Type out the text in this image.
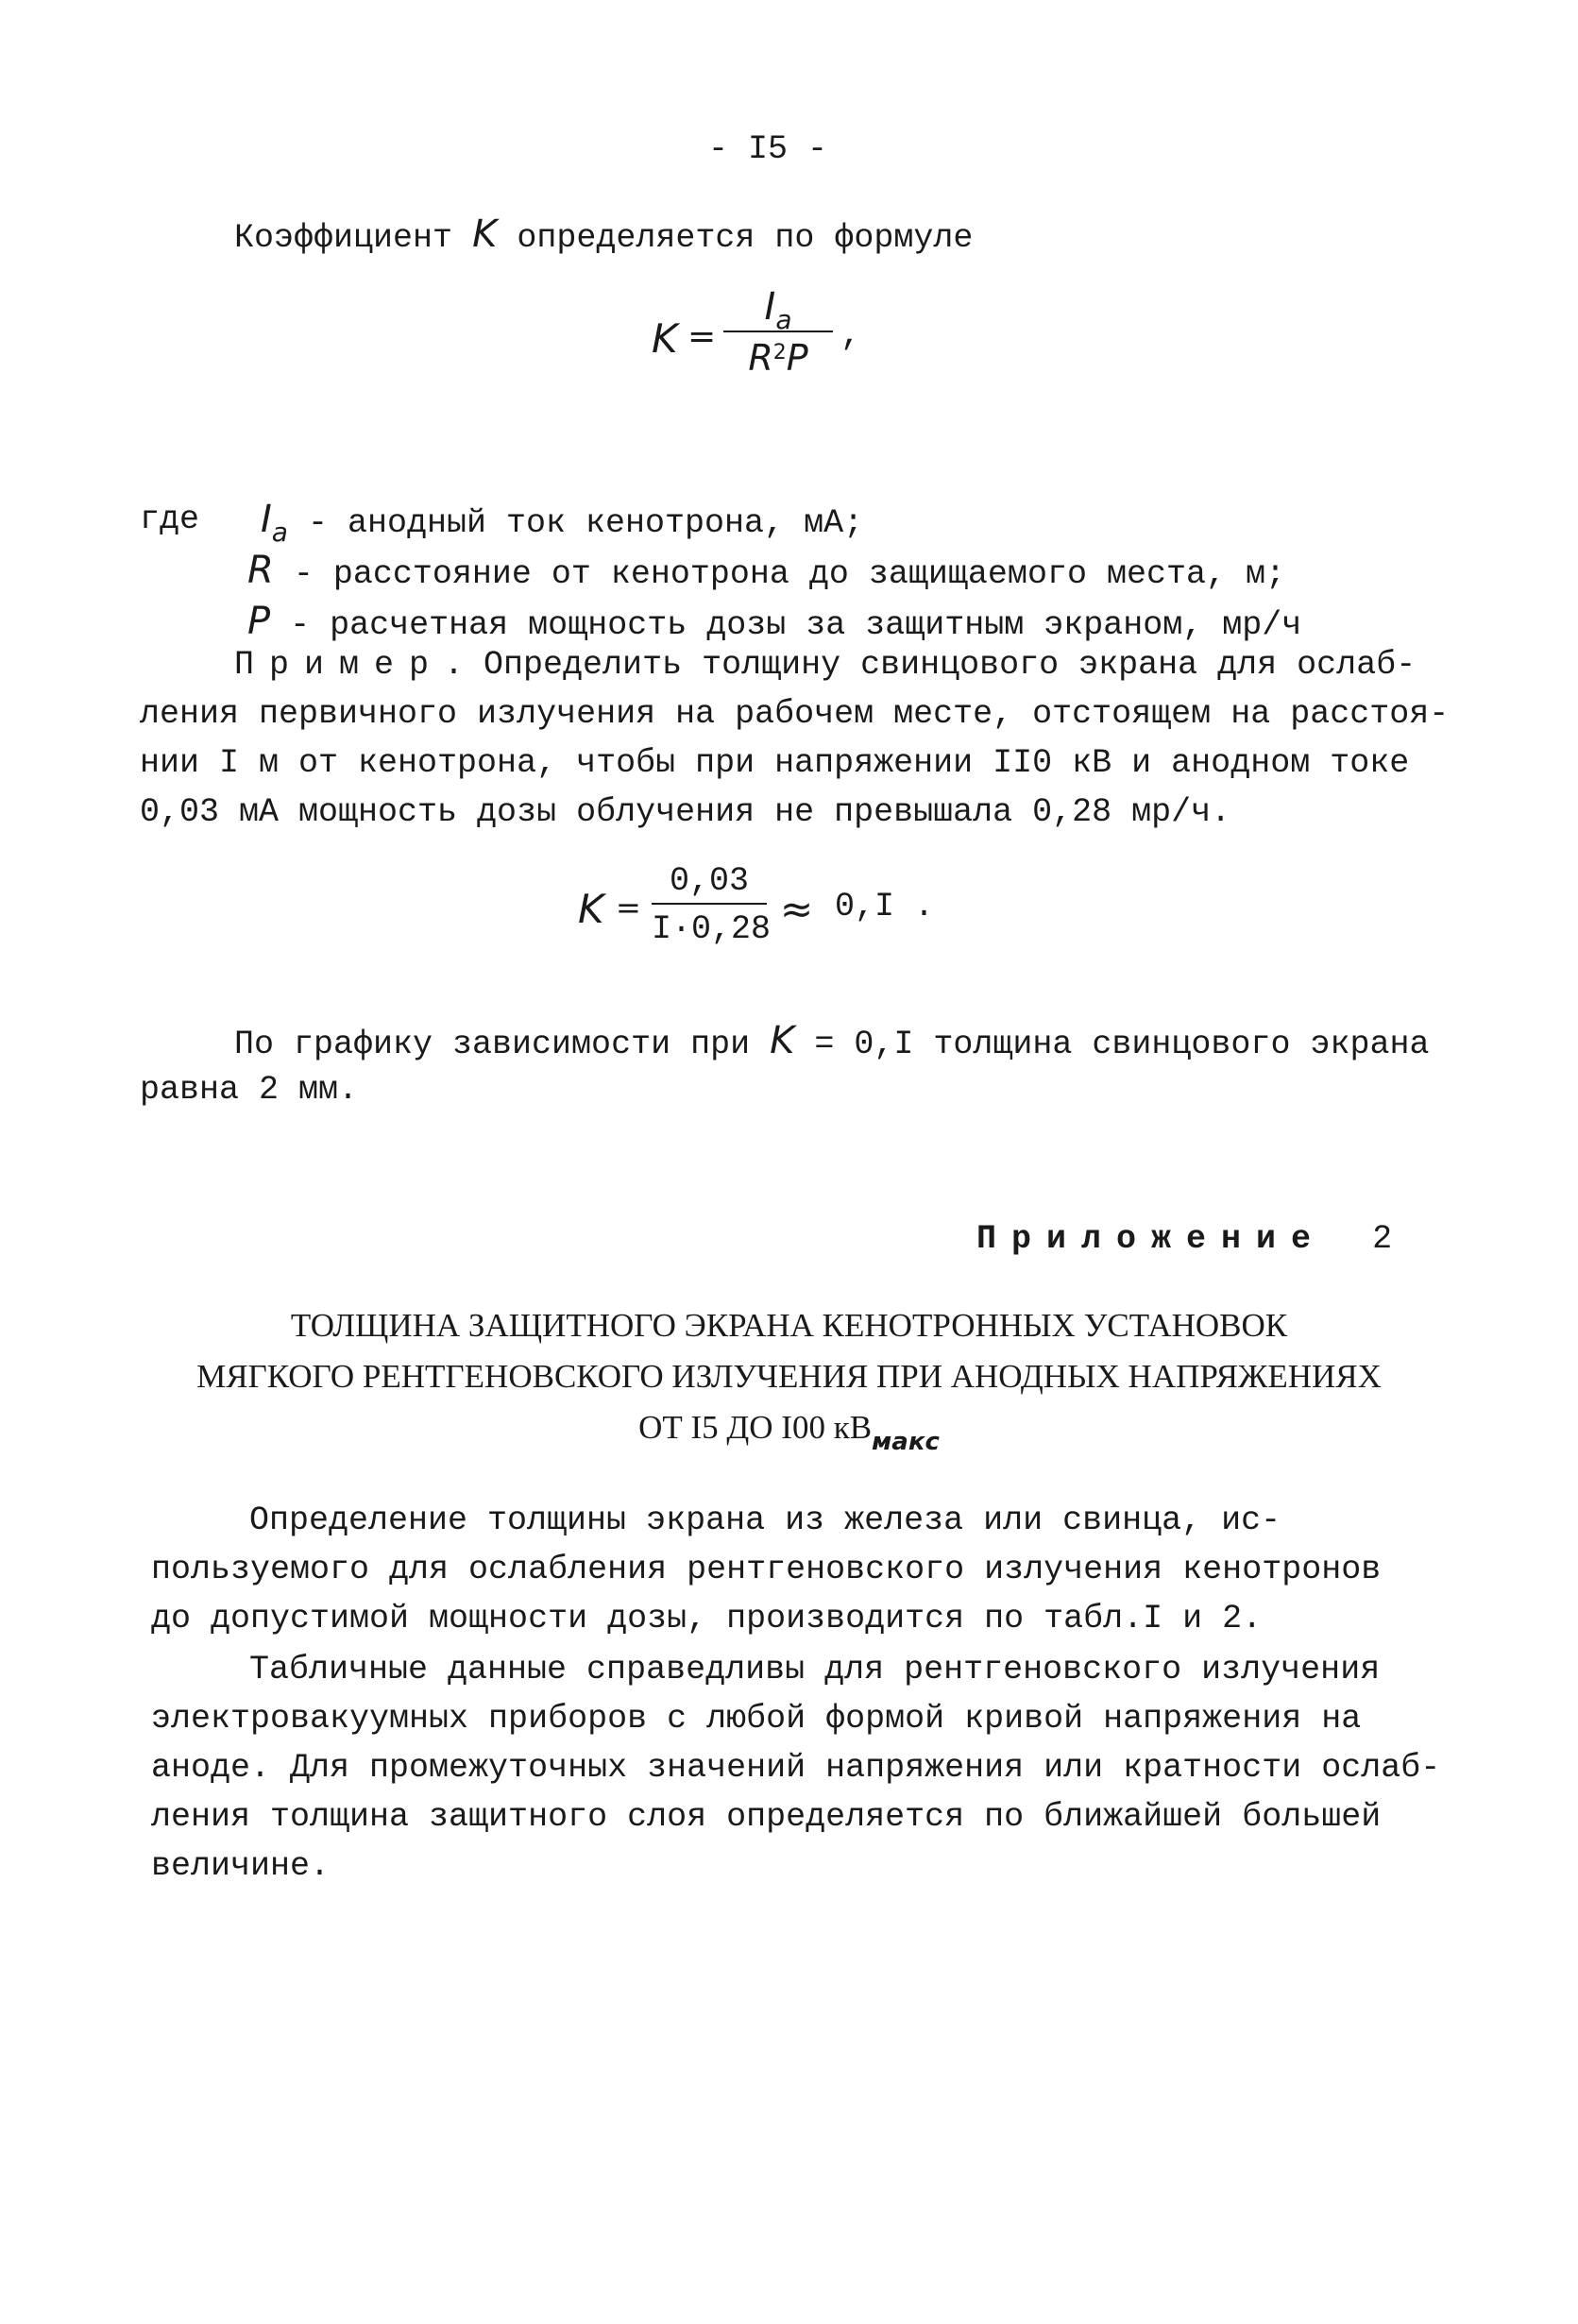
- I5 -
Коэффициент K определяется по формуле
$K = \frac{Ia}{R2P}$ ,
где $I_a$ - анодный ток кенотрона, мА;
R - расстояние от кенотрона до защищаемого места, м;
P - расчетная мощность дозы за защитным экраном, мр/ч
Пример. Определить толщину свинцового экрана для ослаб-
ления первичного излучения на рабочем месте, отстоящем на расстоя-
нии I м от кенотрона, чтобы при напряжении II0 кВ и анодном токе
0,03 мА мощность дозы облучения не превышала 0,28 мр/ч.
$K = \frac{0,03}{I\cdot 0,28} \approx 0,I$ .
По графику зависимости при K = 0,I толщина свинцового экрана
равна 2 мм.
Приложение 2
ТОЛЩИНА ЗАЩИТНОГО ЭКРАНА КЕНОТРОННЫХ УСТАНОВОК
МЯГКОГО РЕНТГЕНОВСКОГО ИЗЛУЧЕНИЯ ПРИ АНОДНЫХ НАПРЯЖЕНИЯХ
ОТ I5 ДО I00 $кВ_{макс}$
Определение толщины экрана из железа или свинца, ис-
пользуемого для ослабления рентгеновского излучения кенотронов
до допустимой мощности дозы, производится по табл.I и 2.
Табличные данные справедливы для рентгеновского излучения
электровакуумных приборов с любой формой кривой напряжения на
аноде. Для промежуточных значений напряжения или кратности ослаб-
ления толщина защитного слоя определяется по ближайшей большей
величине.
